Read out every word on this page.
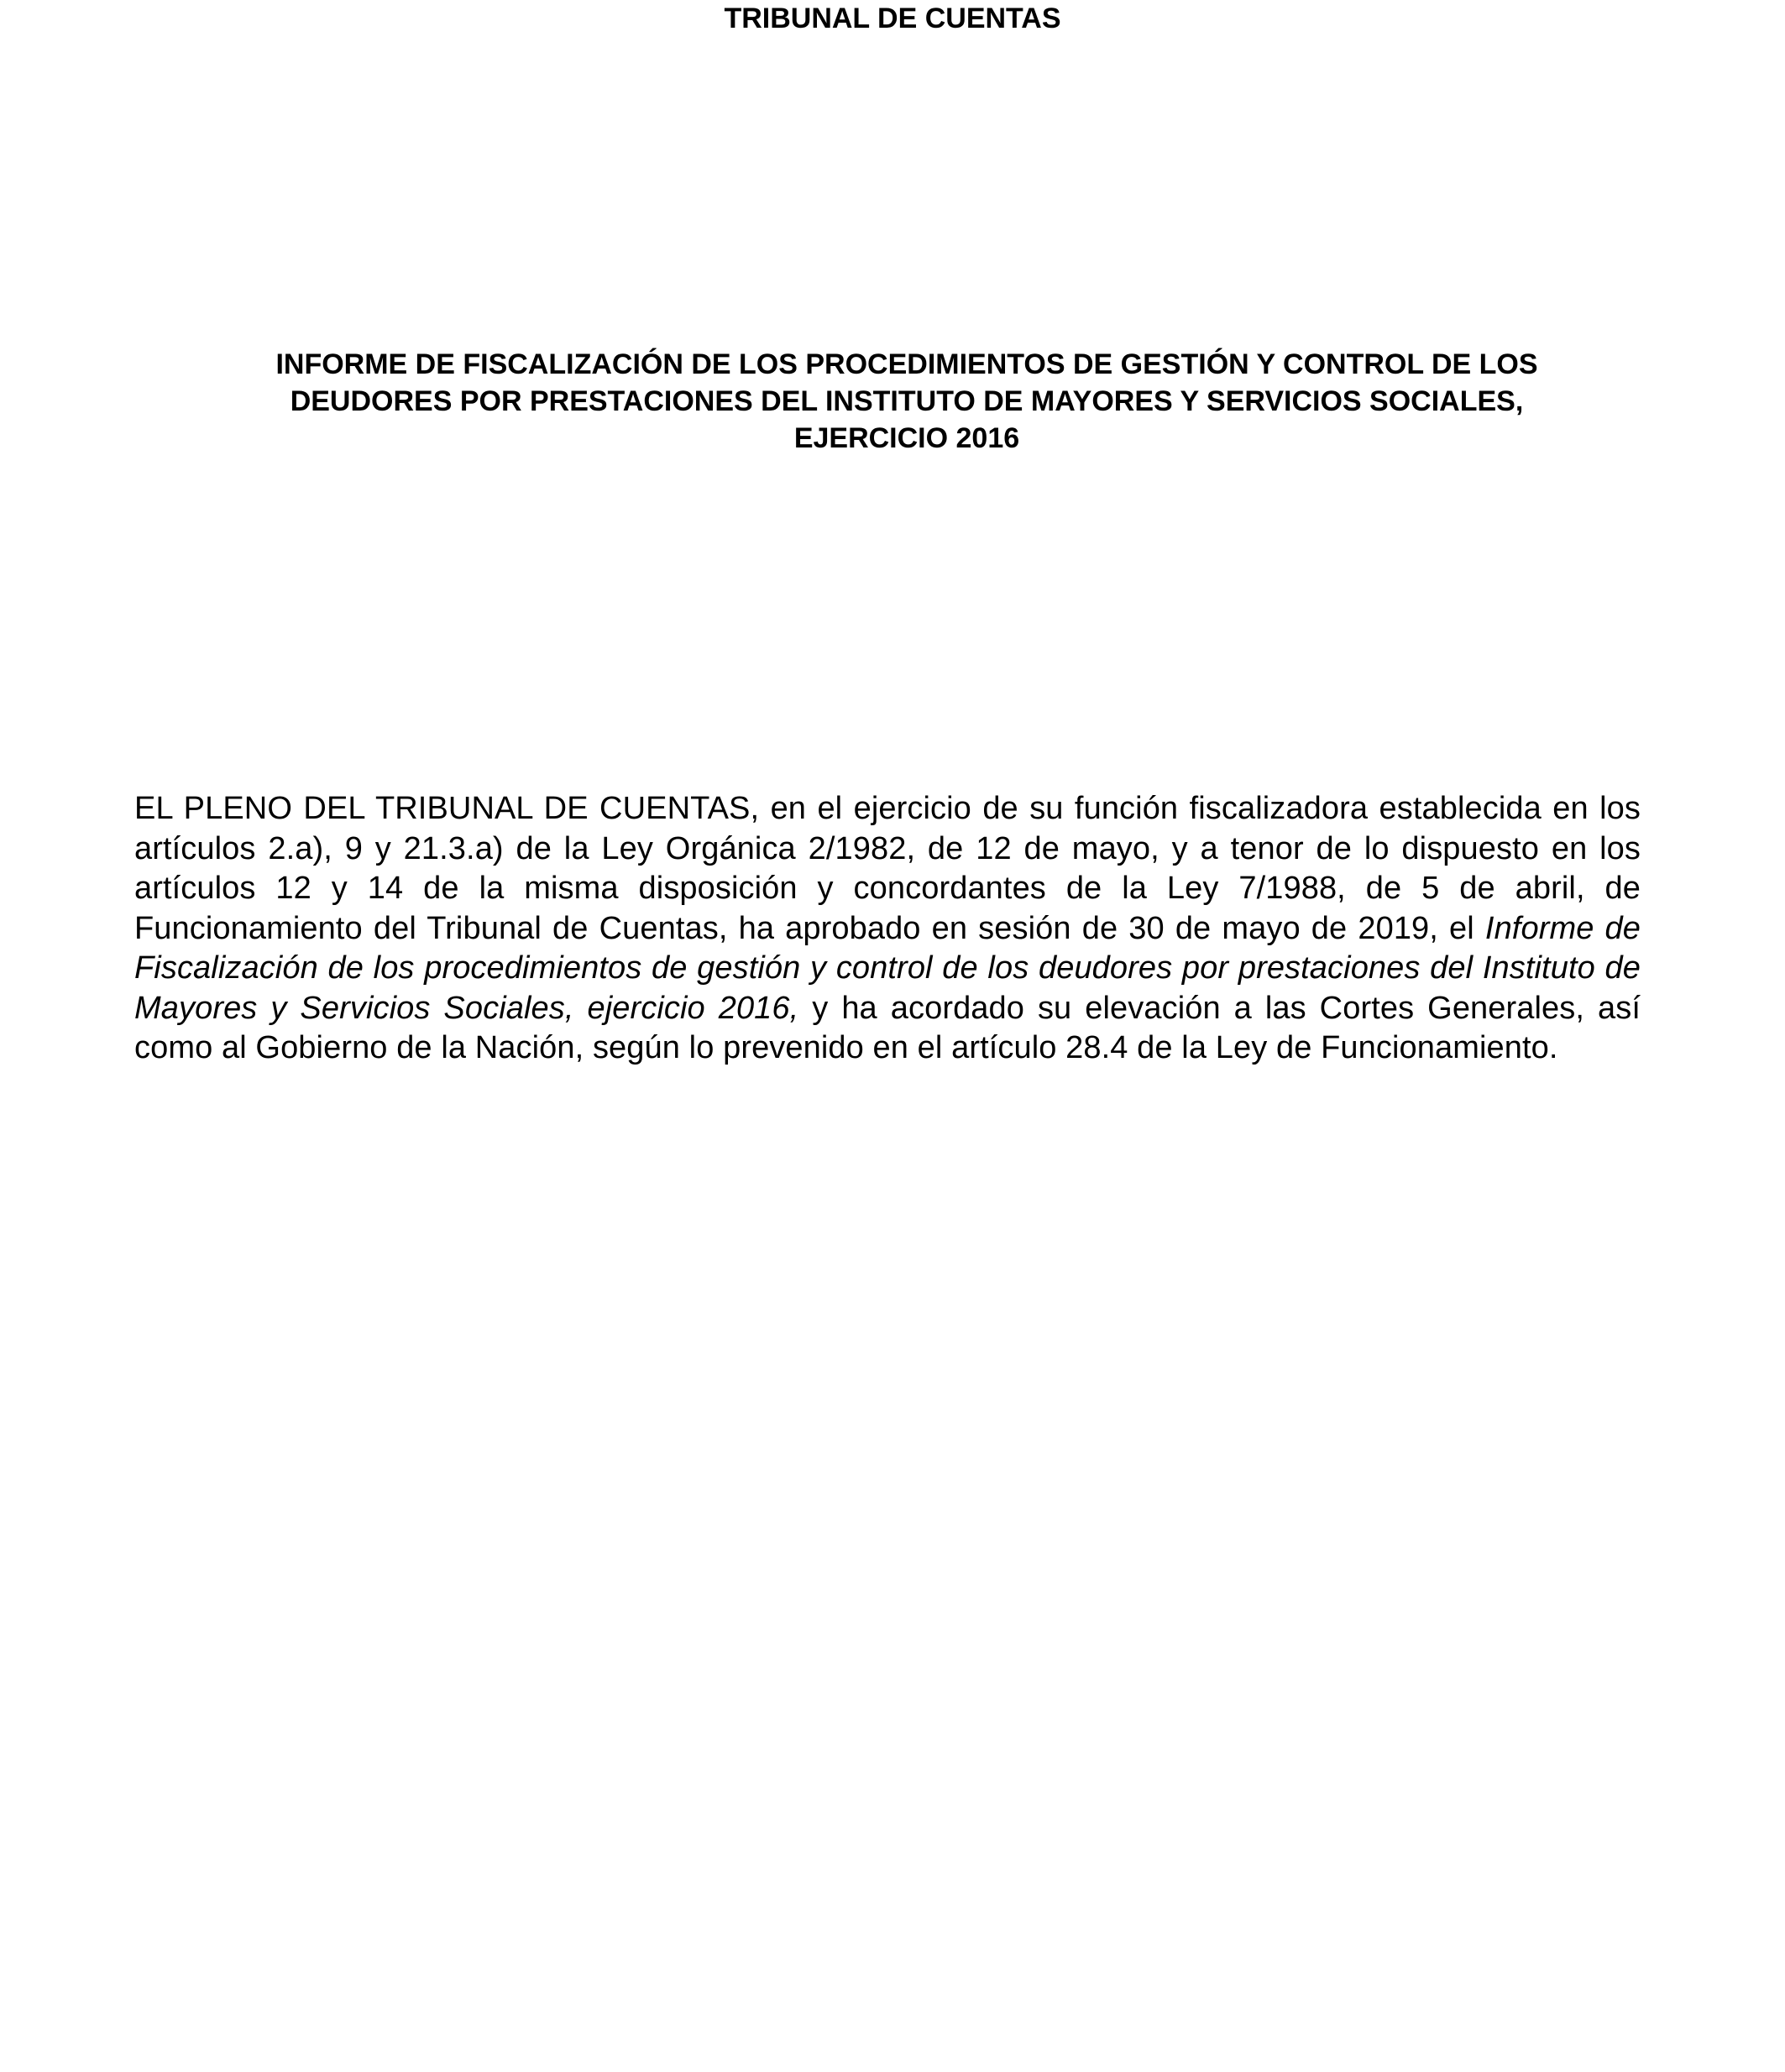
TRIBUNAL DE CUENTAS
INFORME DE FISCALIZACIÓN DE LOS PROCEDIMIENTOS DE GESTIÓN Y CONTROL DE LOS
DEUDORES POR PRESTACIONES DEL INSTITUTO DE MAYORES Y SERVICIOS SOCIALES,
EJERCICIO 2016

EL PLENO DEL TRIBUNAL DE CUENTAS, en el ejercicio de su función fiscalizadora establecida en los artículos 2.a), 9 y 21.3.a) de la Ley Orgánica 2/1982, de 12 de mayo, y a tenor de lo dispuesto en los artículos 12 y 14 de la misma disposición y concordantes de la Ley 7/1988, de 5 de abril, de Funcionamiento del Tribunal de Cuentas, ha aprobado en sesión de 30 de mayo de 2019, el Informe de Fiscalización de los procedimientos de gestión y control de los deudores por prestaciones del Instituto de Mayores y Servicios Sociales, ejercicio 2016, y ha acordado su elevación a las Cortes Generales, así como al Gobierno de la Nación, según lo prevenido en el artículo 28.4 de la Ley de Funcionamiento.
